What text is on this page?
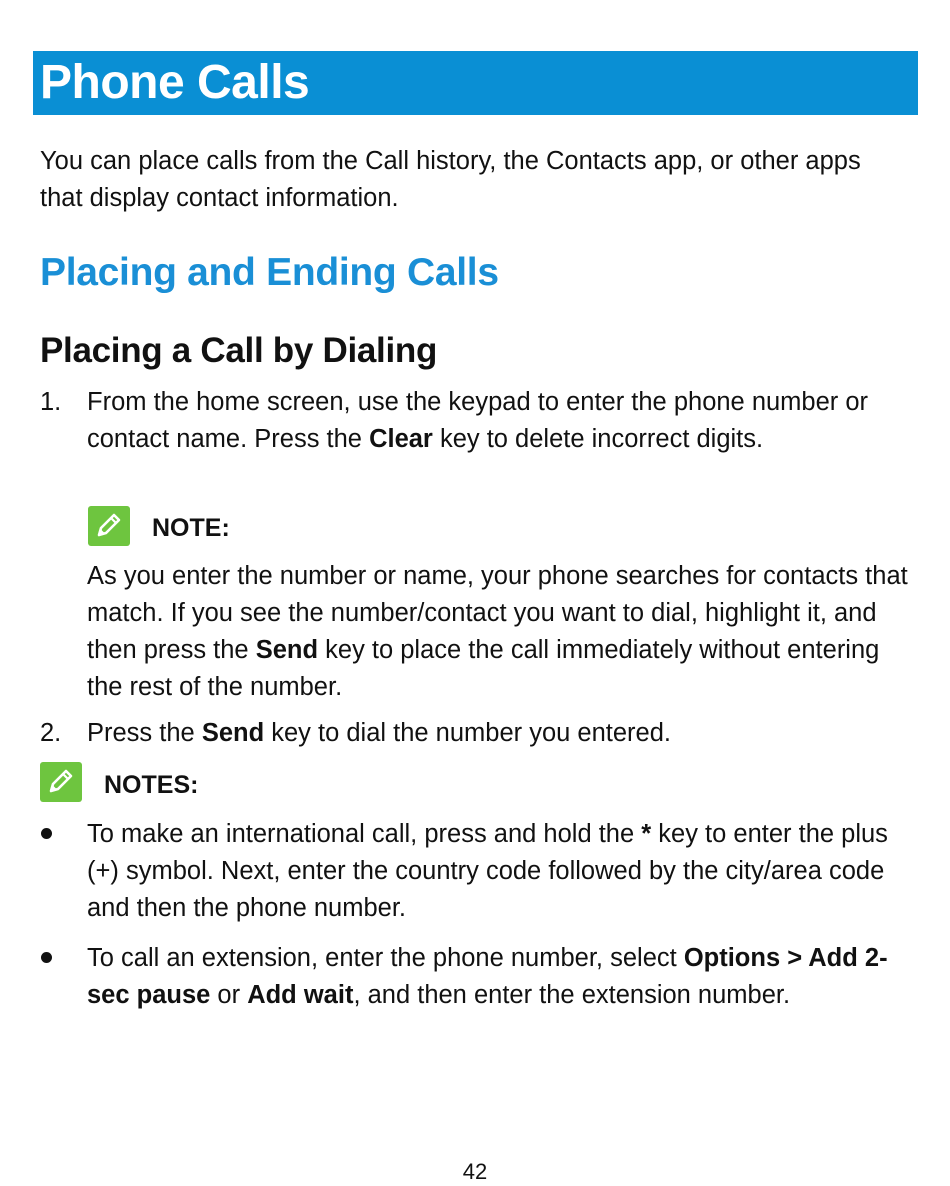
Phone Calls

You can place calls from the Call history, the Contacts app, or other apps that display contact information.

Placing and Ending Calls
Placing a Call by Dialing
1. From the home screen, use the keypad to enter the phone number or contact name. Press the Clear key to delete incorrect digits.

NOTE:

As you enter the number or name, your phone searches for contacts that match. If you see the number/contact you want to dial, highlight it, and then press the Send key to place the call immediately without entering the rest of the number.

2. Press the Send key to dial the number you entered.

NOTES:

To make an international call, press and hold the * key to enter the plus (+) symbol. Next, enter the country code followed by the city/area code and then the phone number.

To call an extension, enter the phone number, select Options > Add 2-sec pause or Add wait, and then enter the extension number.

42
